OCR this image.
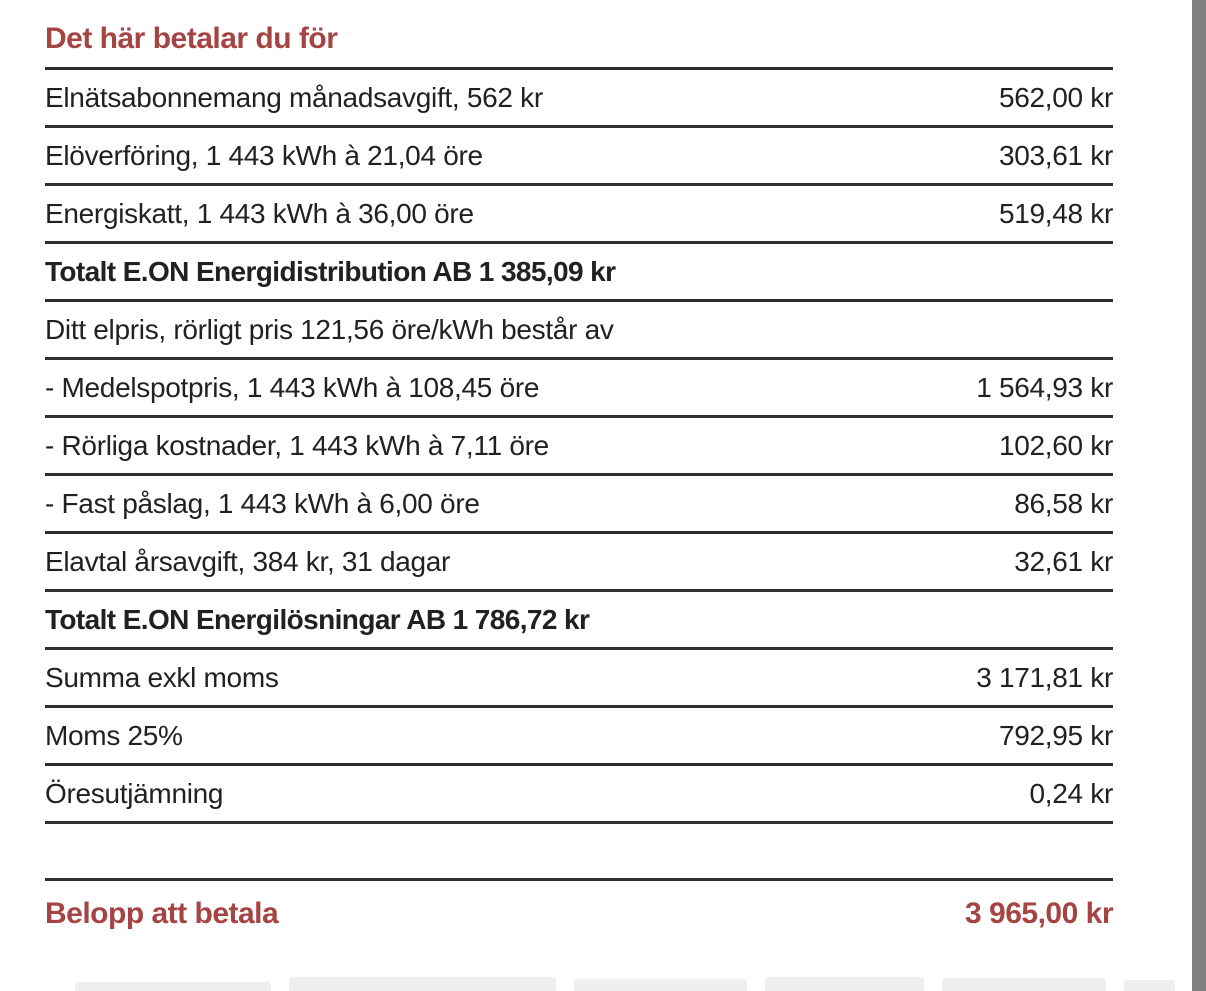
Det här betalar du för
Elnätsabonnemang månadsavgift, 562 kr	562,00 kr
Elöverföring, 1 443 kWh à 21,04 öre	303,61 kr
Energiskatt, 1 443 kWh à 36,00 öre	519,48 kr
Totalt E.ON Energidistribution AB 1 385,09 kr
Ditt elpris, rörligt pris 121,56 öre/kWh består av
- Medelspotpris, 1 443 kWh à 108,45 öre	1 564,93 kr
- Rörliga kostnader, 1 443 kWh à 7,11 öre	102,60 kr
- Fast påslag, 1 443 kWh à 6,00 öre	86,58 kr
Elavtal årsavgift, 384 kr, 31 dagar	32,61 kr
Totalt E.ON Energilösningar AB 1 786,72 kr
Summa exkl moms	3 171,81 kr
Moms 25%	792,95 kr
Öresutjämning	0,24 kr
Belopp att betala	3 965,00 kr
